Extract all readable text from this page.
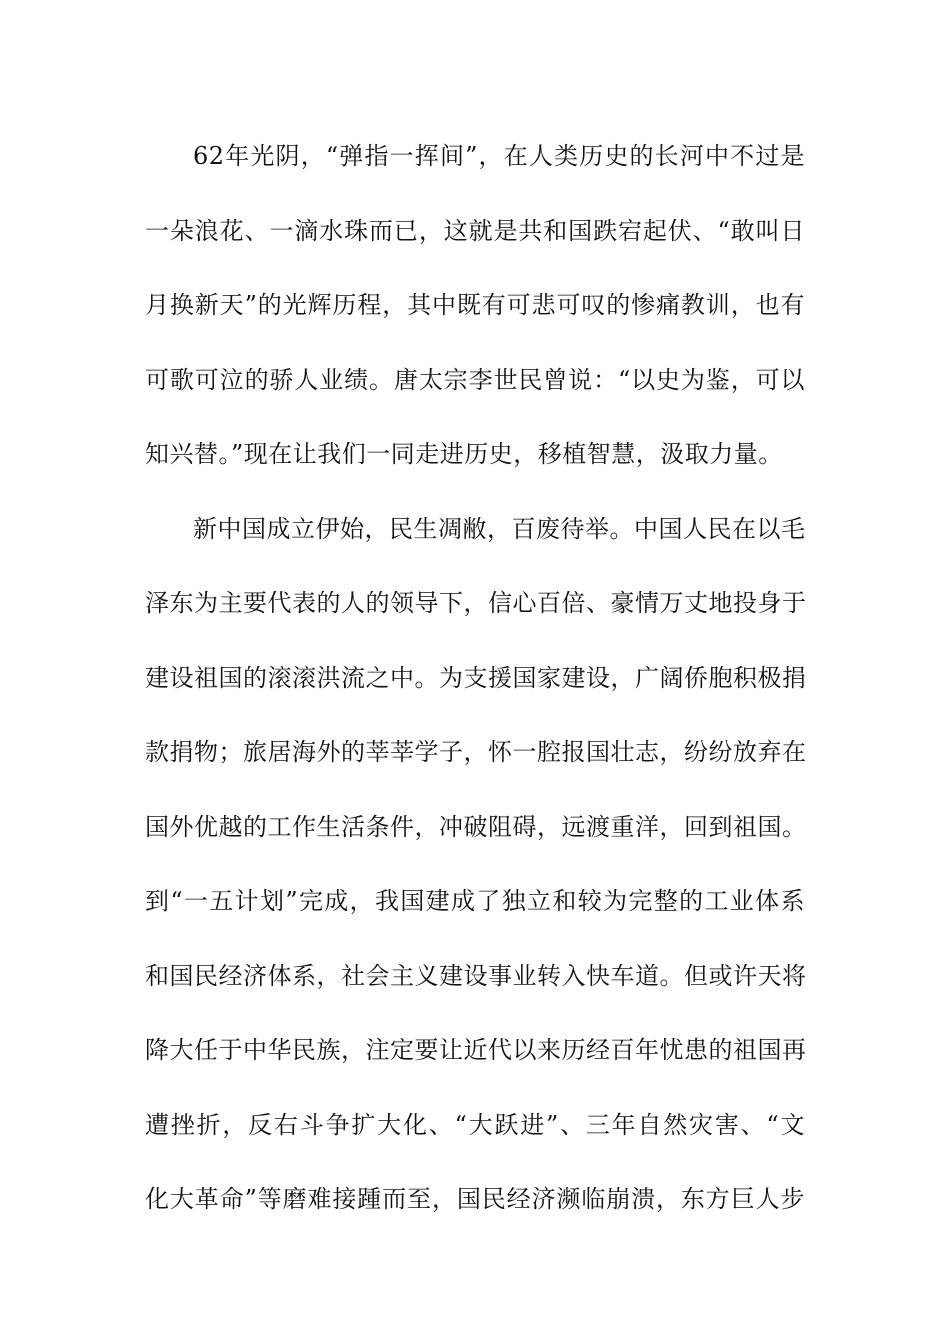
62年光阴，“弹指一挥间”，在人类历史的长河中不过是
一朵浪花、一滴水珠而已，这就是共和国跌宕起伏、“敢叫日
月换新天”的光辉历程，其中既有可悲可叹的惨痛教训，也有
可歌可泣的骄人业绩。唐太宗李世民曾说：“以史为鉴，可以
知兴替。”现在让我们一同走进历史，移植智慧，汲取力量。
新中国成立伊始，民生凋敝，百废待举。中国人民在以毛
泽东为主要代表的人的领导下，信心百倍、豪情万丈地投身于
建设祖国的滚滚洪流之中。为支援国家建设，广阔侨胞积极捐
款捐物；旅居海外的莘莘学子，怀一腔报国壮志，纷纷放弃在
国外优越的工作生活条件，冲破阻碍，远渡重洋，回到祖国。
到“一五计划”完成，我国建成了独立和较为完整的工业体系
和国民经济体系，社会主义建设事业转入快车道。但或许天将
降大任于中华民族，注定要让近代以来历经百年忧患的祖国再
遭挫折，反右斗争扩大化、“大跃进”、三年自然灾害、“文
化大革命”等磨难接踵而至，国民经济濒临崩溃，东方巨人步
